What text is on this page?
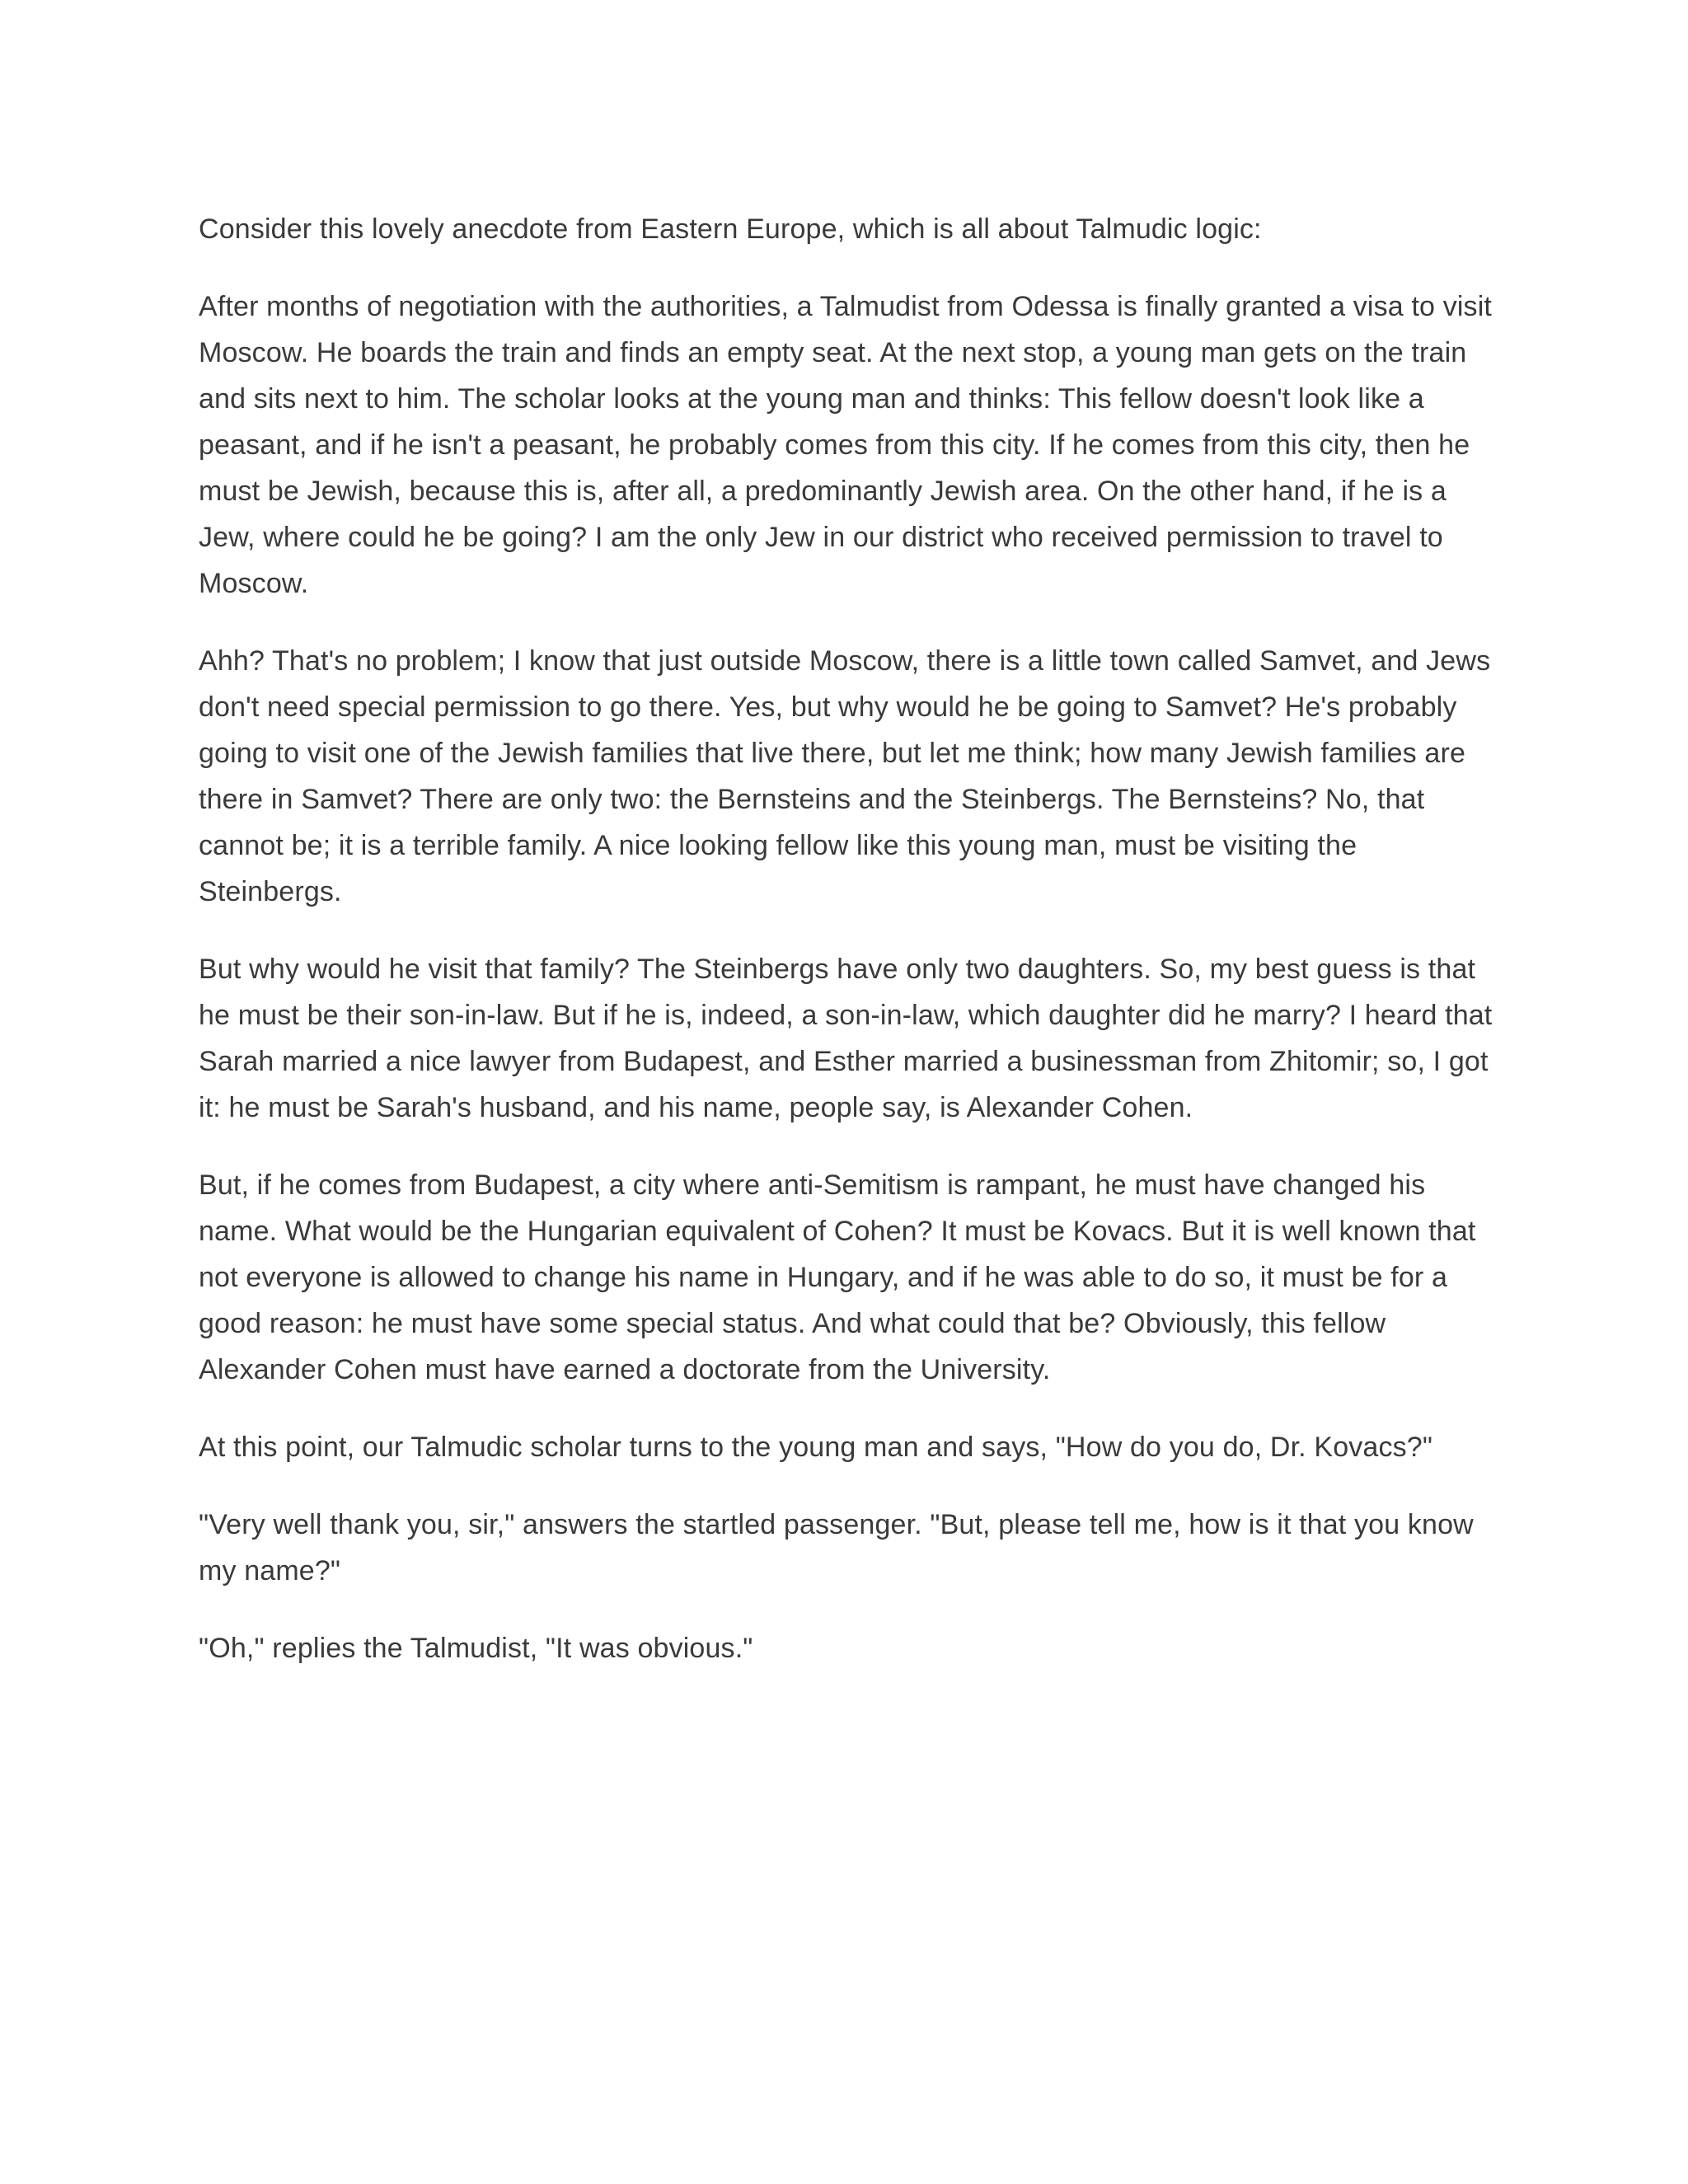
Consider this lovely anecdote from Eastern Europe, which is all about Talmudic logic:

After months of negotiation with the authorities, a Talmudist from Odessa is finally granted a visa to visit Moscow. He boards the train and finds an empty seat. At the next stop, a young man gets on the train and sits next to him. The scholar looks at the young man and thinks: This fellow doesn't look like a peasant, and if he isn't a peasant, he probably comes from this city. If he comes from this city, then he must be Jewish, because this is, after all, a predominantly Jewish area. On the other hand, if he is a Jew, where could he be going? I am the only Jew in our district who received permission to travel to Moscow.

Ahh? That's no problem; I know that just outside Moscow, there is a little town called Samvet, and Jews don't need special permission to go there. Yes, but why would he be going to Samvet? He's probably going to visit one of the Jewish families that live there, but let me think; how many Jewish families are there in Samvet? There are only two: the Bernsteins and the Steinbergs. The Bernsteins? No, that cannot be; it is a terrible family. A nice looking fellow like this young man, must be visiting the Steinbergs.

But why would he visit that family? The Steinbergs have only two daughters. So, my best guess is that he must be their son-in-law. But if he is, indeed, a son-in-law, which daughter did he marry? I heard that Sarah married a nice lawyer from Budapest, and Esther married a businessman from Zhitomir; so, I got it: he must be Sarah's husband, and his name, people say, is Alexander Cohen.

But, if he comes from Budapest, a city where anti-Semitism is rampant, he must have changed his name. What would be the Hungarian equivalent of Cohen? It must be Kovacs. But it is well known that not everyone is allowed to change his name in Hungary, and if he was able to do so, it must be for a good reason: he must have some special status. And what could that be? Obviously, this fellow Alexander Cohen must have earned a doctorate from the University.

At this point, our Talmudic scholar turns to the young man and says, "How do you do, Dr. Kovacs?"

"Very well thank you, sir," answers the startled passenger. "But, please tell me, how is it that you know my name?"

"Oh," replies the Talmudist, "It was obvious."
